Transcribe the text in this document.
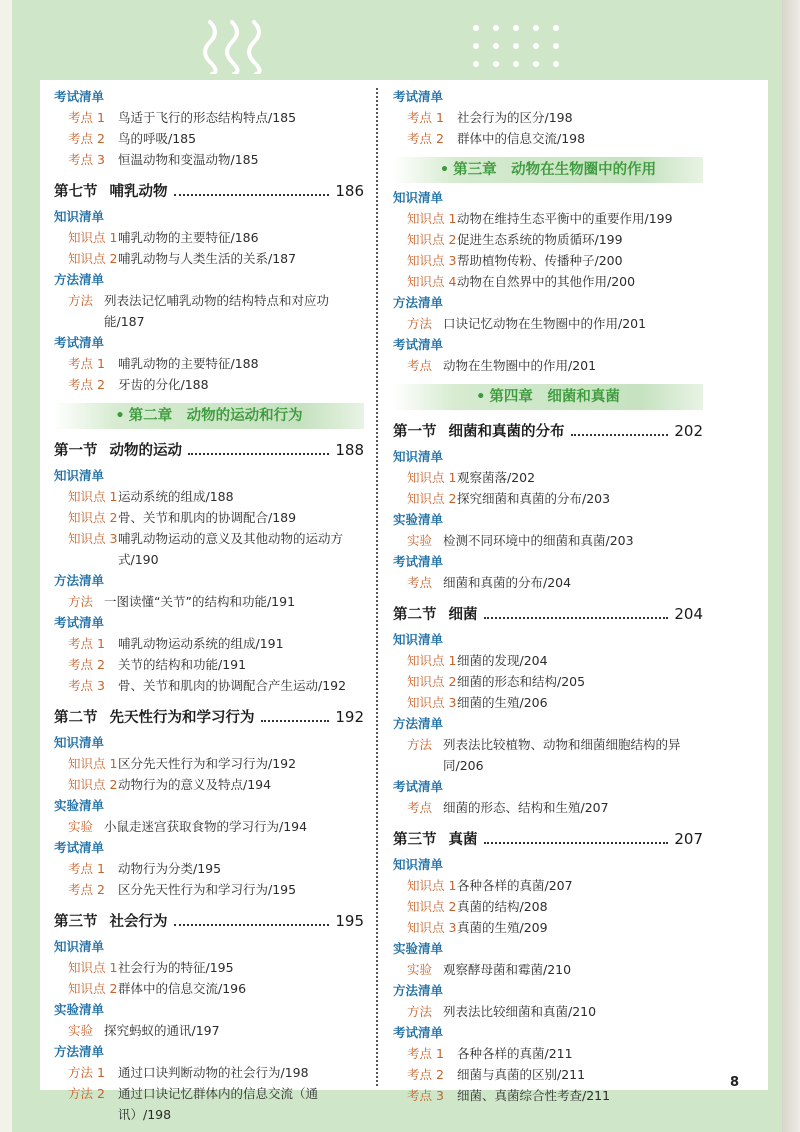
考试清单
考点 1	鸟适于飞行的形态结构特点/185
考点 2	鸟的呼吸/185
考点 3	恒温动物和变温动物/185
第七节 哺乳动物	186
知识清单
知识点 1 哺乳动物的主要特征/186
知识点 2 哺乳动物与人类生活的关系/187
方法清单
方法 列表法记忆哺乳动物的结构特点和对应功能/187
考试清单
考点 1	哺乳动物的主要特征/188
考点 2	牙齿的分化/188
• 第二章　动物的运动和行为
第一节 动物的运动	188
知识清单
知识点 1 运动系统的组成/188
知识点 2 骨、关节和肌肉的协调配合/189
知识点 3 哺乳动物运动的意义及其他动物的运动方式/190
方法清单
方法 一图读懂“关节”的结构和功能/191
考试清单
考点 1	哺乳动物运动系统的组成/191
考点 2	关节的结构和功能/191
考点 3	骨、关节和肌肉的协调配合产生运动/192
第二节 先天性行为和学习行为	192
知识清单
知识点 1 区分先天性行为和学习行为/192
知识点 2 动物行为的意义及特点/194
实验清单
实验 小鼠走迷宫获取食物的学习行为/194
考试清单
考点 1	动物行为分类/195
考点 2	区分先天性行为和学习行为/195
第三节 社会行为	195
知识清单
知识点 1 社会行为的特征/195
知识点 2 群体中的信息交流/196
实验清单
实验 探究蚂蚁的通讯/197
方法清单
方法 1	通过口诀判断动物的社会行为/198
方法 2	通过口诀记忆群体内的信息交流（通讯）/198
考试清单
考点 1	社会行为的区分/198
考点 2	群体中的信息交流/198
• 第三章　动物在生物圈中的作用
知识清单
知识点 1 动物在维持生态平衡中的重要作用/199
知识点 2 促进生态系统的物质循环/199
知识点 3 帮助植物传粉、传播种子/200
知识点 4 动物在自然界中的其他作用/200
方法清单
方法 口诀记忆动物在生物圈中的作用/201
考试清单
考点 动物在生物圈中的作用/201
• 第四章　细菌和真菌
第一节 细菌和真菌的分布	202
知识清单
知识点 1 观察菌落/202
知识点 2 探究细菌和真菌的分布/203
实验清单
实验 检测不同环境中的细菌和真菌/203
考试清单
考点 细菌和真菌的分布/204
第二节 细菌	204
知识清单
知识点 1 细菌的发现/204
知识点 2 细菌的形态和结构/205
知识点 3 细菌的生殖/206
方法清单
方法 列表法比较植物、动物和细菌细胞结构的异同/206
考试清单
考点 细菌的形态、结构和生殖/207
第三节 真菌	207
知识清单
知识点 1 各种各样的真菌/207
知识点 2 真菌的结构/208
知识点 3 真菌的生殖/209
实验清单
实验 观察酵母菌和霉菌/210
方法清单
方法 列表法比较细菌和真菌/210
考试清单
考点 1	各种各样的真菌/211
考点 2	细菌与真菌的区别/211
考点 3	细菌、真菌综合性考查/211
8
